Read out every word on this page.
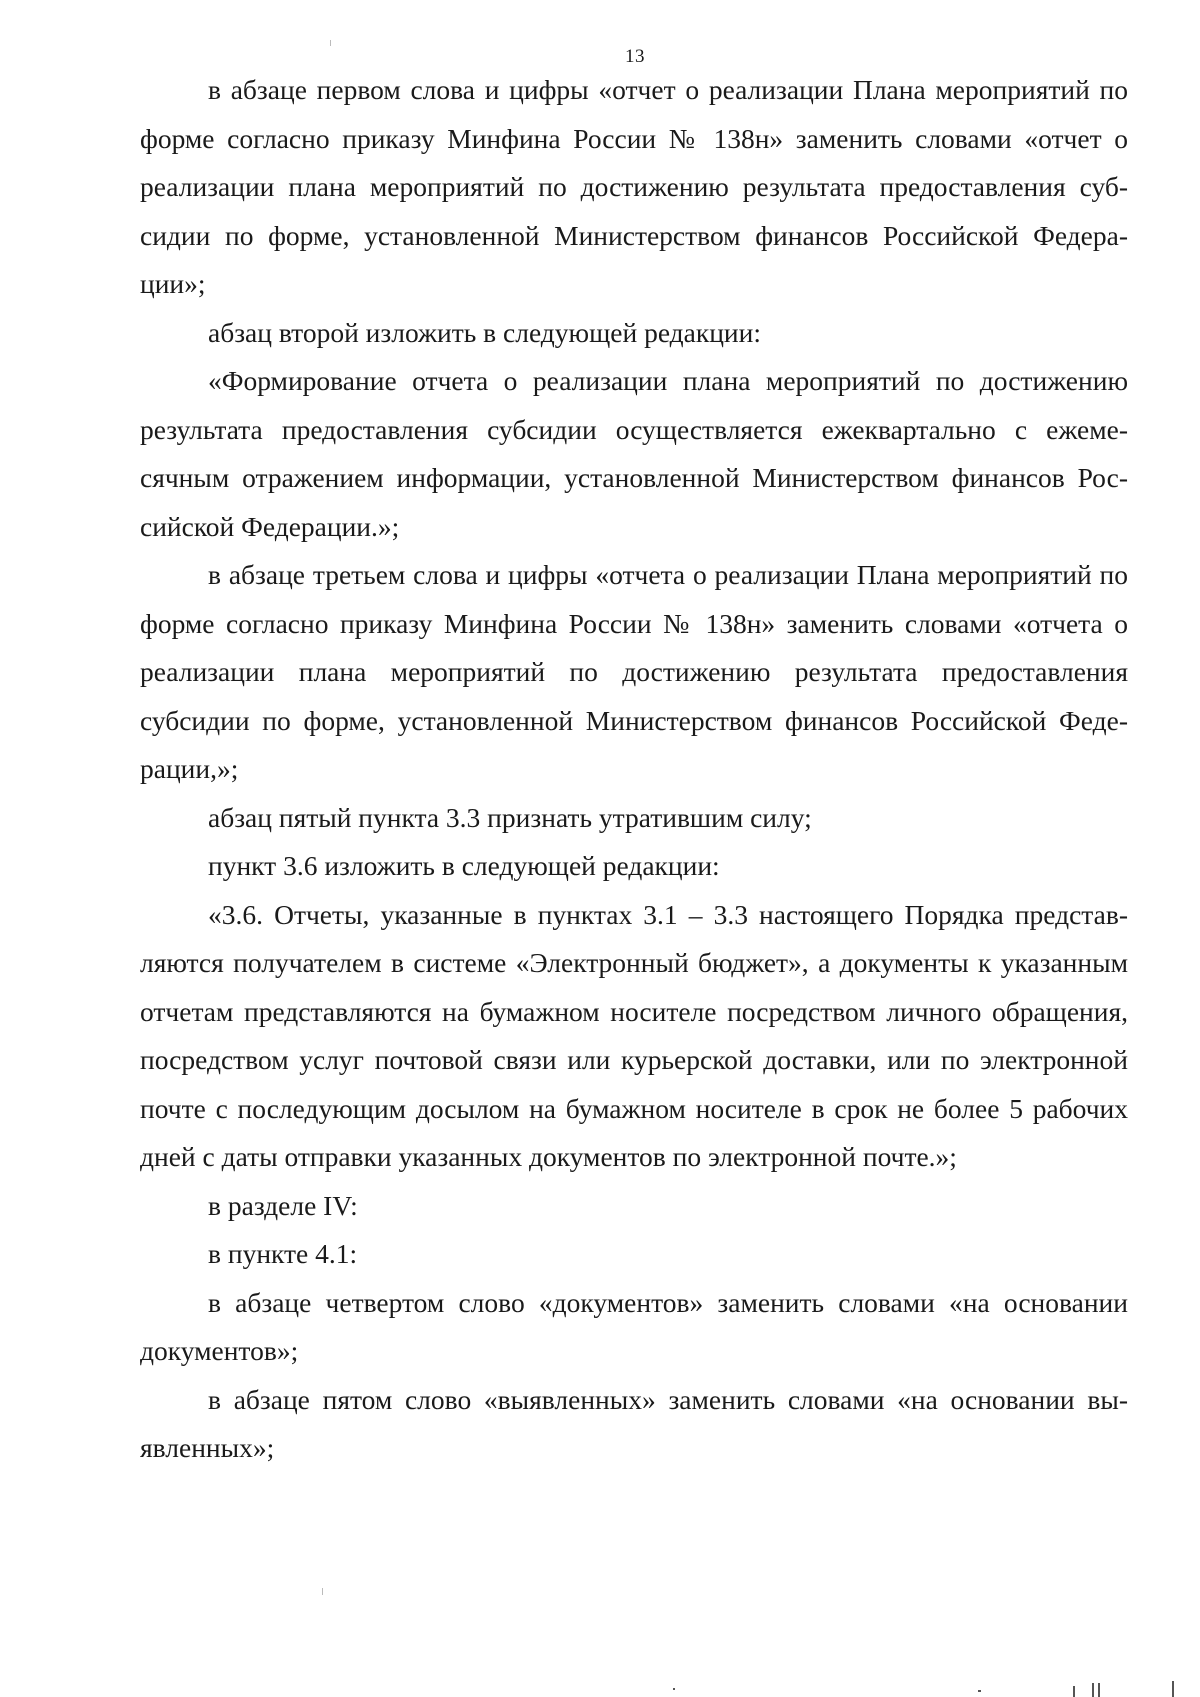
13

в абзаце первом слова и цифры «отчет о реализации Плана мероприятий по форме согласно приказу Минфина России № 138н» заменить словами «отчет о реализации плана мероприятий по достижению результата предоставления субсидии по форме, установленной Министерством финансов Российской Федерации»;

абзац второй изложить в следующей редакции:

«Формирование отчета о реализации плана мероприятий по достижению результата предоставления субсидии осуществляется ежеквартально с ежемесячным отражением информации, установленной Министерством финансов Российской Федерации.»;

в абзаце третьем слова и цифры «отчета о реализации Плана мероприятий по форме согласно приказу Минфина России № 138н» заменить словами «отчета о реализации плана мероприятий по достижению результата предоставления субсидии по форме, установленной Министерством финансов Российской Федерации,»;

абзац пятый пункта 3.3 признать утратившим силу;

пункт 3.6 изложить в следующей редакции:

«3.6. Отчеты, указанные в пунктах 3.1 – 3.3 настоящего Порядка представляются получателем в системе «Электронный бюджет», а документы к указанным отчетам представляются на бумажном носителе посредством личного обращения, посредством услуг почтовой связи или курьерской доставки, или по электронной почте с последующим досылом на бумажном носителе в срок не более 5 рабочих дней с даты отправки указанных документов по электронной почте.»;

в разделе IV:

в пункте 4.1:

в абзаце четвертом слово «документов» заменить словами «на основании документов»;

в абзаце пятом слово «выявленных» заменить словами «на основании выявленных»;
